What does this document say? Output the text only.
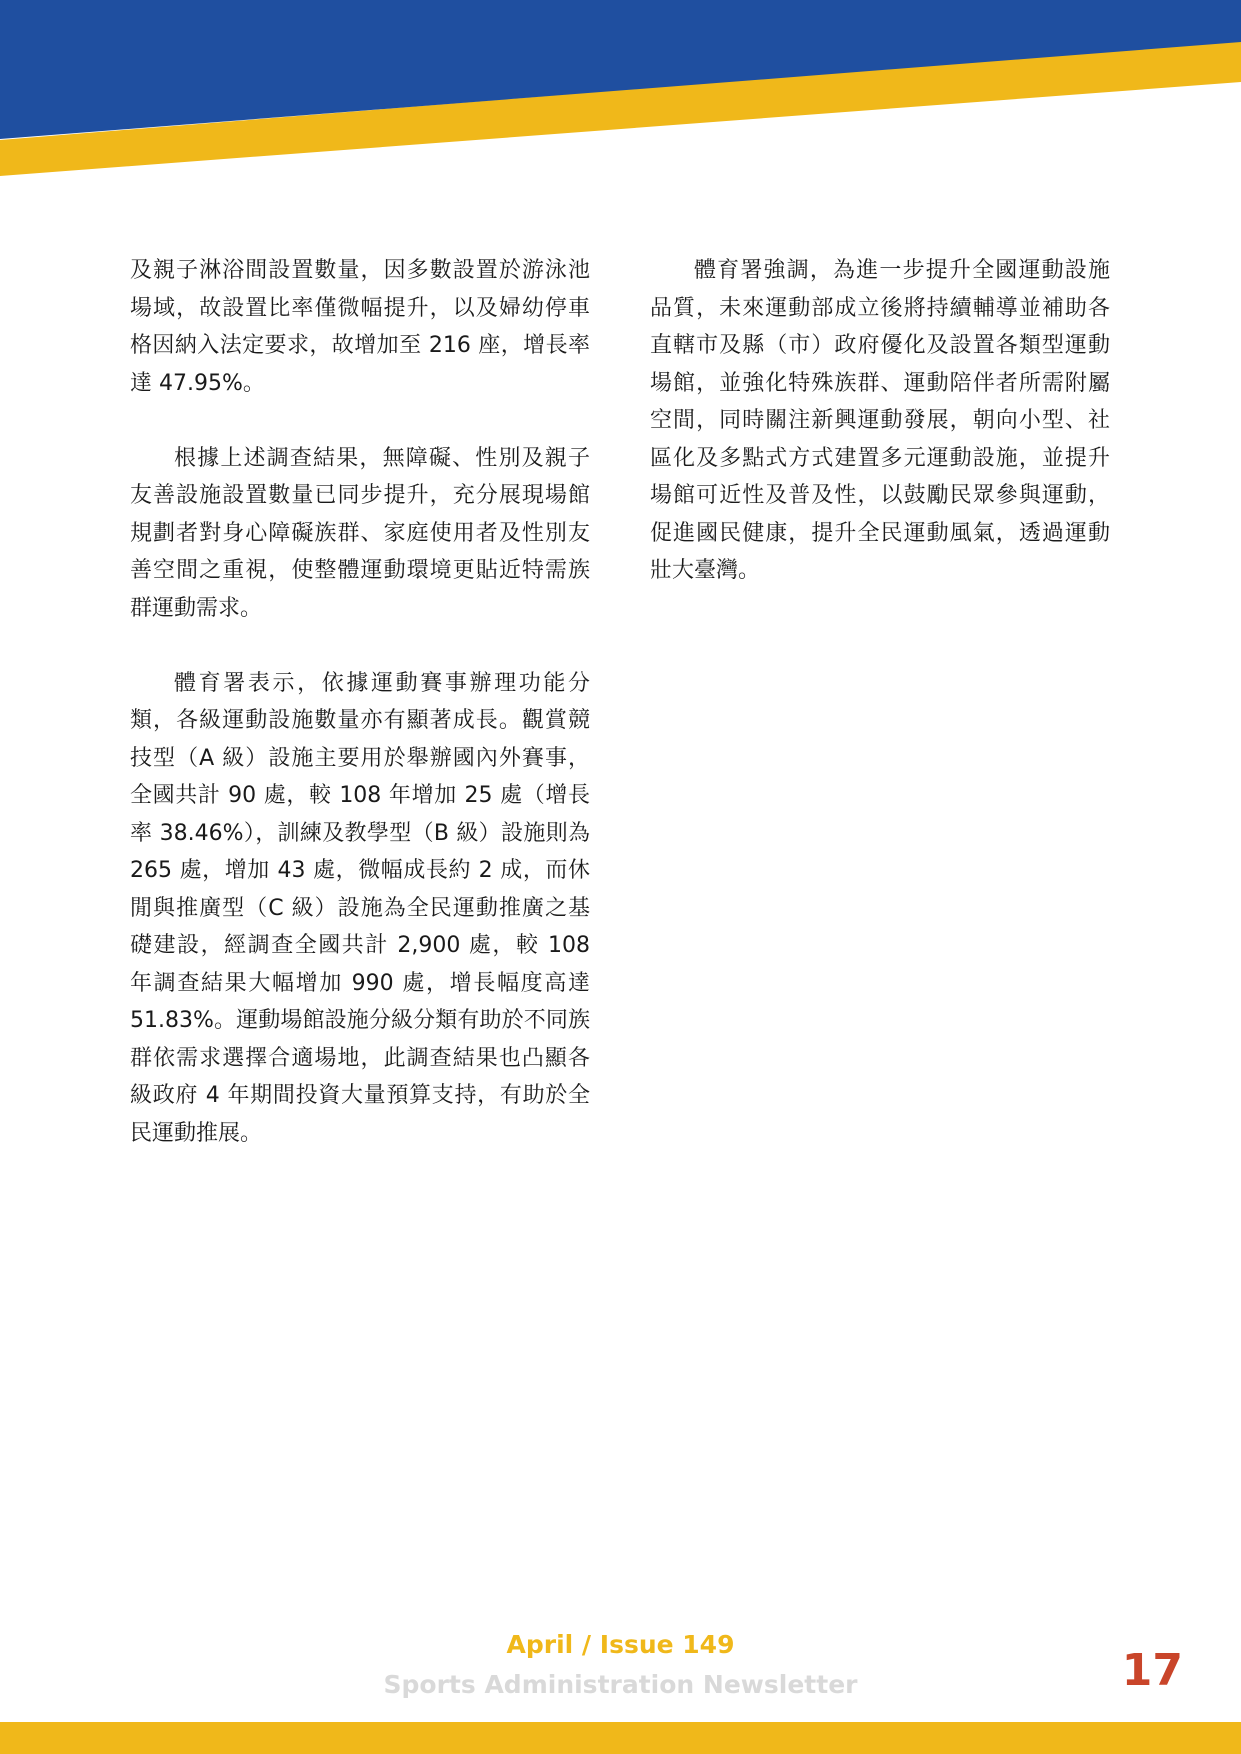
及親子淋浴間設置數量，因多數設置於游泳池場域，故設置比率僅微幅提升，以及婦幼停車格因納入法定要求，故增加至 216 座，增長率達 47.95%。

根據上述調查結果，無障礙、性別及親子友善設施設置數量已同步提升，充分展現場館規劃者對身心障礙族群、家庭使用者及性別友善空間之重視，使整體運動環境更貼近特需族群運動需求。

體育署表示，依據運動賽事辦理功能分類，各級運動設施數量亦有顯著成長。觀賞競技型（A 級）設施主要用於舉辦國內外賽事，全國共計 90 處，較 108 年增加 25 處（增長率 38.46%），訓練及教學型（B 級）設施則為 265 處，增加 43 處，微幅成長約 2 成，而休閒與推廣型（C 級）設施為全民運動推廣之基礎建設，經調查全國共計 2,900 處，較 108 年調查結果大幅增加 990 處，增長幅度高達 51.83%。運動場館設施分級分類有助於不同族群依需求選擇合適場地，此調查結果也凸顯各級政府 4 年期間投資大量預算支持，有助於全民運動推展。

體育署強調，為進一步提升全國運動設施品質，未來運動部成立後將持續輔導並補助各直轄市及縣（市）政府優化及設置各類型運動場館，並強化特殊族群、運動陪伴者所需附屬空間，同時關注新興運動發展，朝向小型、社區化及多點式方式建置多元運動設施，並提升場館可近性及普及性，以鼓勵民眾參與運動，促進國民健康，提升全民運動風氣，透過運動壯大臺灣。

April / Issue 149
Sports Administration Newsletter	17
